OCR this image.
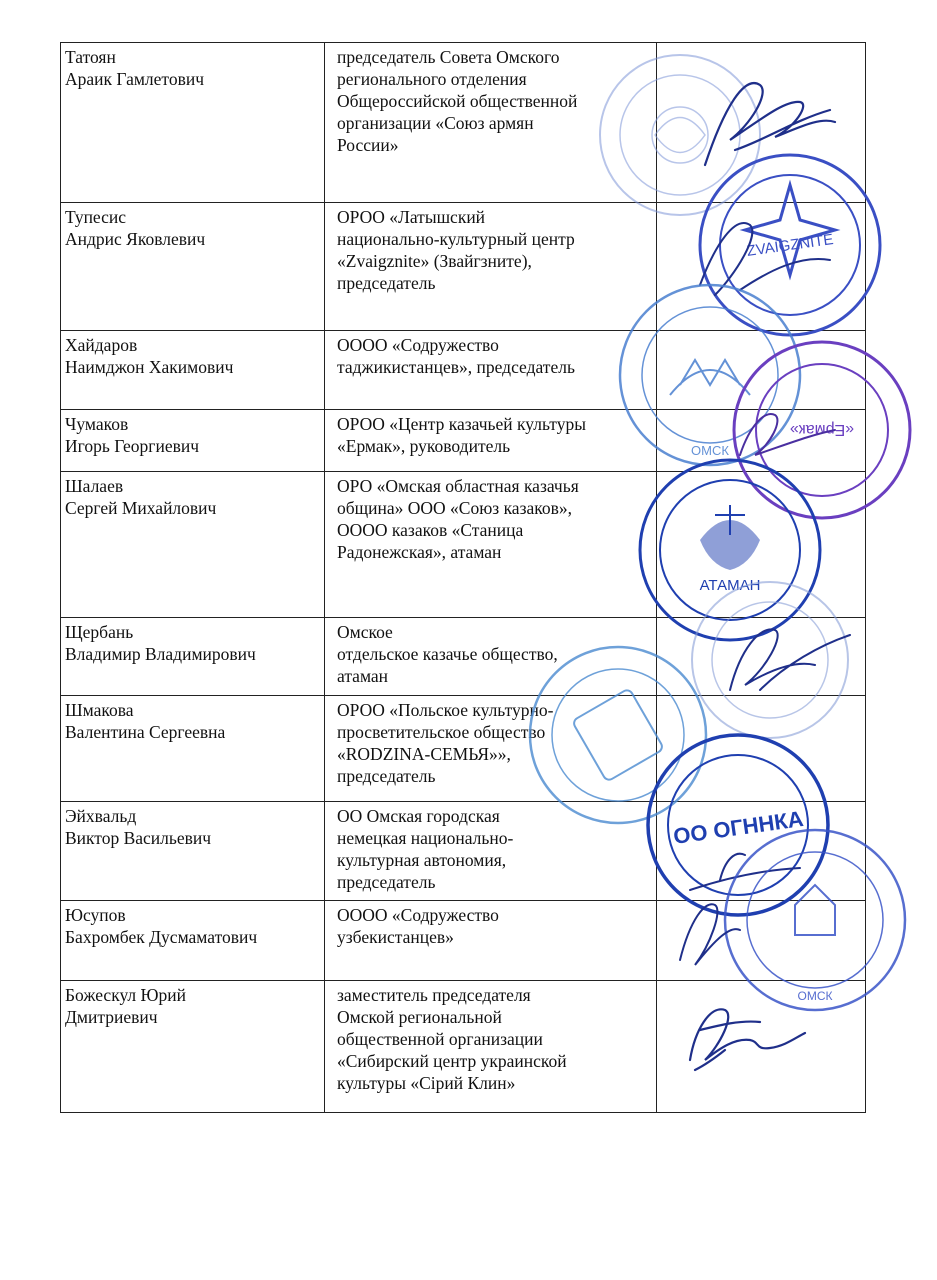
Татоян
Араик Гамлетович	председатель Совета Омского
регионального отделения
Общероссийской общественной
организации «Союз армян
России»	

Тупесис
Андрис Яковлевич	ОРОО «Латышский
национально-культурный центр
«Zvaigznite» (Звайгзните),
председатель	

Хайдаров
Наимджон Хакимович	ОООО «Содружество
таджикистанцев», председатель	

Чумаков
Игорь Георгиевич	ОРОО «Центр казачьей культуры
«Ермак», руководитель	

Шалаев
Сергей Михайлович	ОРО «Омская областная казачья
община» ООО «Союз казаков»,
ОООО казаков «Станица
Радонежская», атаман	

Щербань
Владимир Владимирович	Омское
отдельское казачье общество,
атаман	

Шмакова
Валентина Сергеевна	ОРОО «Польское культурно-
просветительское общество
«RODZINA-СЕМЬЯ»»,
председатель	

Эйхвальд
Виктор Васильевич	ОО Омская городская
немецкая национально-
культурная автономия,
председатель	

Юсупов
Бахромбек Дусмаматович	ОООО «Содружество
узбекистанцев»	

Божескул Юрий
Дмитриевич	заместитель председателя
Омской региональной
общественной организации
«Сибирский центр украинской
культуры «Сірий Клин»	

ZVAIGZNITE
ОМСК
«Ермак»
АТАМАН
ОО ОГННКА
ОМСК
